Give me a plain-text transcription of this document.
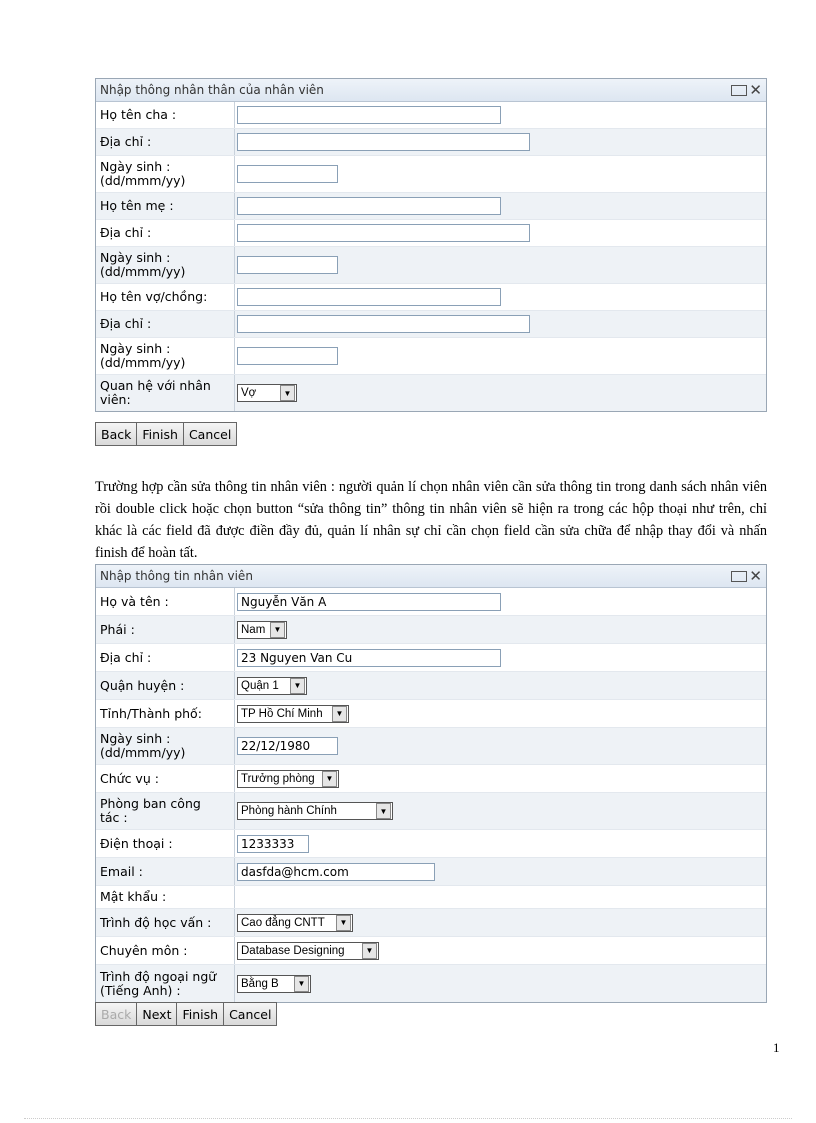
Nhập thông nhân thân của nhân viên	✕
Họ tên cha :
Địa chỉ :
Ngày sinh :
(dd/mmm/yy)
Họ tên mẹ :
Địa chỉ :
Ngày sinh :
(dd/mmm/yy)
Họ tên vợ/chồng:
Địa chỉ :
Ngày sinh :
(dd/mmm/yy)
Quan hệ với nhân
viên:	Vợ	▼
Back Finish Cancel
Trường hợp cần sửa thông tin nhân viên : người quản lí chọn nhân viên cần sửa thông tin trong danh sách nhân viên rồi double click hoặc chọn button “sửa thông tin” thông tin nhân viên sẽ hiện ra trong các hộp thoại như trên, chỉ khác là các field đã được điền đầy đủ, quản lí nhân sự chỉ cần chọn field cần sửa chữa để nhập thay đổi và nhấn finish để hoàn tất.
Nhập thông tin nhân viên	✕
Họ và tên :	Nguyễn Văn A
Phái :	Nam	▼
Địa chỉ :	23 Nguyen Van Cu
Quận huyện :	Quận 1	▼
Tỉnh/Thành phố:	TP Hồ Chí Minh	▼
Ngày sinh :
(dd/mmm/yy)	22/12/1980
Chức vụ :	Trưởng phòng	▼
Phòng ban công
tác :	Phòng hành Chính	▼
Điện thoại :	1233333
Email :	dasfda@hcm.com
Mật khẩu :
Trình độ học vấn :	Cao đẳng CNTT	▼
Chuyên môn :	Database Designing	▼
Trình độ ngoại ngữ
(Tiếng Anh) :	Bằng B	▼
Back Next Finish Cancel
1
